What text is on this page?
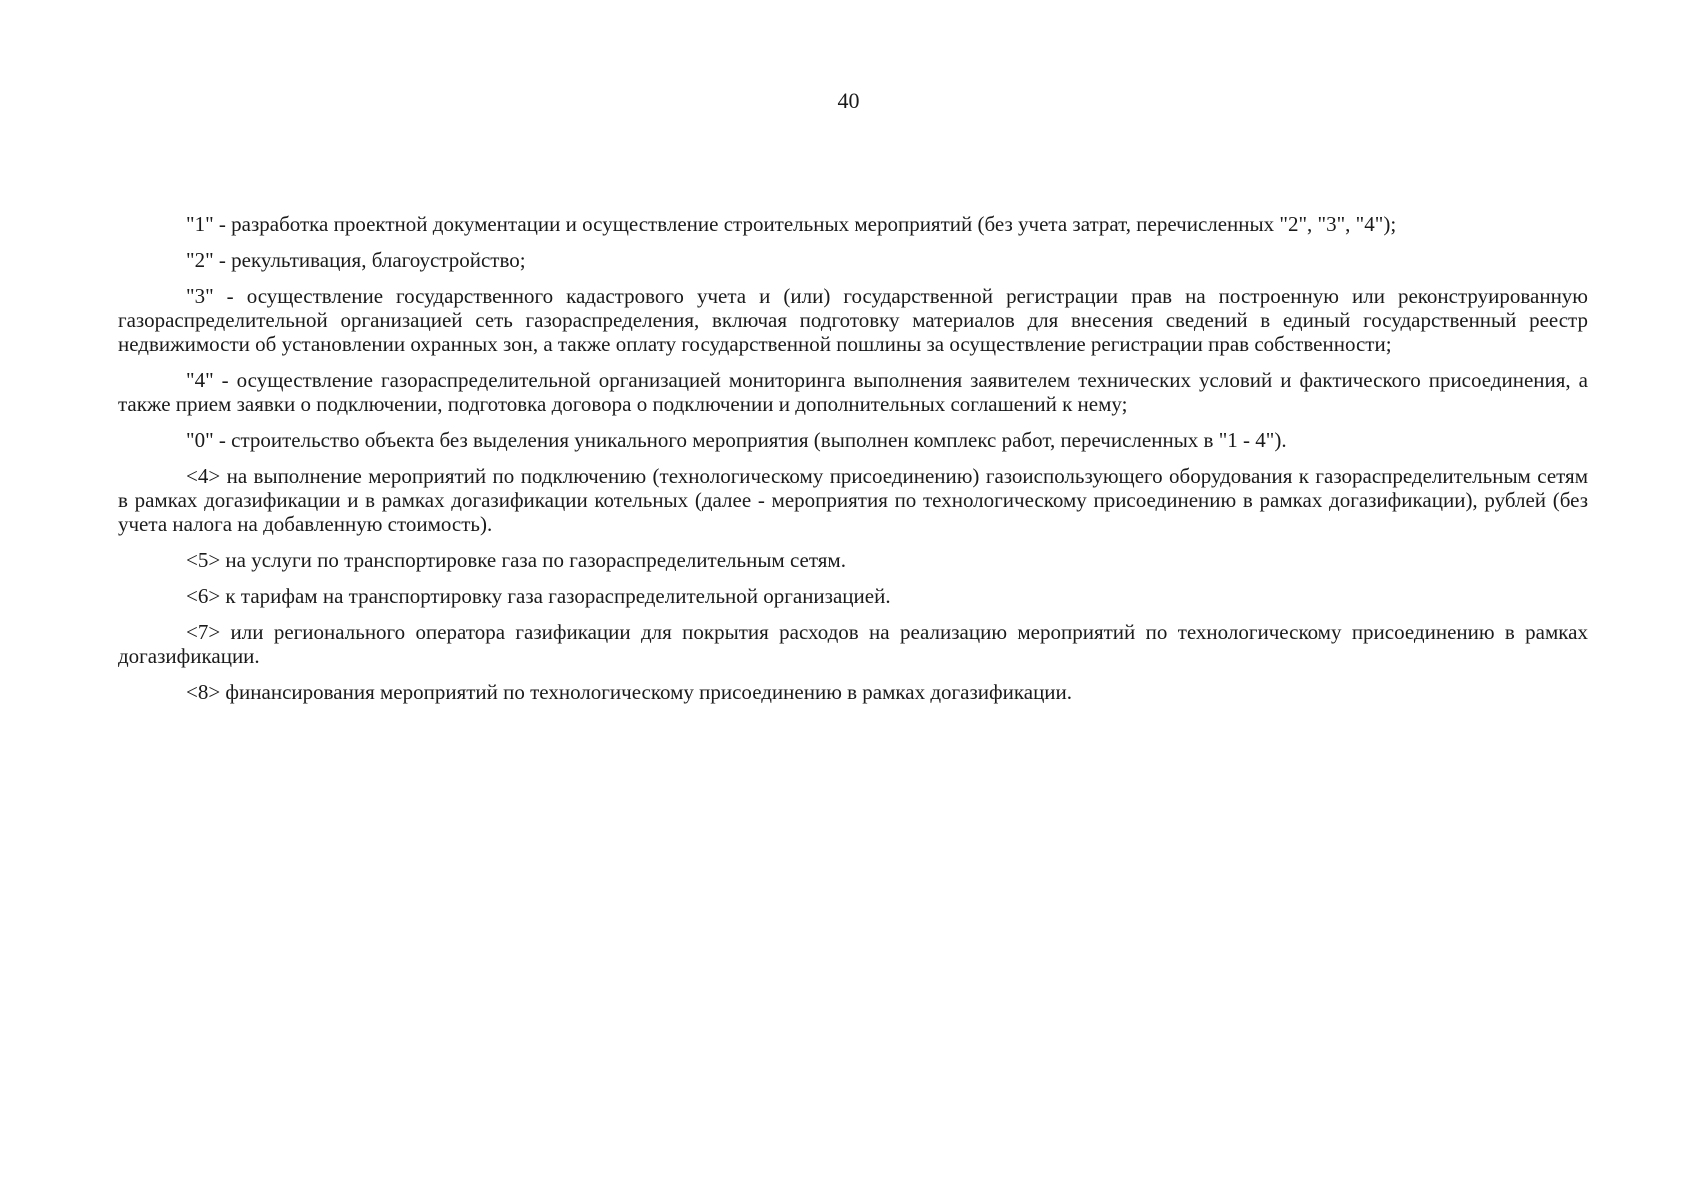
40

"1" - разработка проектной документации и осуществление строительных мероприятий (без учета затрат, перечисленных "2", "3", "4");

"2" - рекультивация, благоустройство;

"3" - осуществление государственного кадастрового учета и (или) государственной регистрации прав на построенную или реконструированную газораспределительной организацией сеть газораспределения, включая подготовку материалов для внесения сведений в единый государственный реестр недвижимости об установлении охранных зон, а также оплату государственной пошлины за осуществление регистрации прав собственности;

"4" - осуществление газораспределительной организацией мониторинга выполнения заявителем технических условий и фактического присоединения, а также прием заявки о подключении, подготовка договора о подключении и дополнительных соглашений к нему;

"0" - строительство объекта без выделения уникального мероприятия (выполнен комплекс работ, перечисленных в "1 - 4").

<4> на выполнение мероприятий по подключению (технологическому присоединению) газоиспользующего оборудования к газораспределительным сетям в рамках догазификации и в рамках догазификации котельных (далее - мероприятия по технологическому присоединению в рамках догазификации), рублей (без учета налога на добавленную стоимость).

<5> на услуги по транспортировке газа по газораспределительным сетям.

<6> к тарифам на транспортировку газа газораспределительной организацией.

<7> или регионального оператора газификации для покрытия расходов на реализацию мероприятий по технологическому присоединению в рамках догазификации.

<8> финансирования мероприятий по технологическому присоединению в рамках догазификации.
